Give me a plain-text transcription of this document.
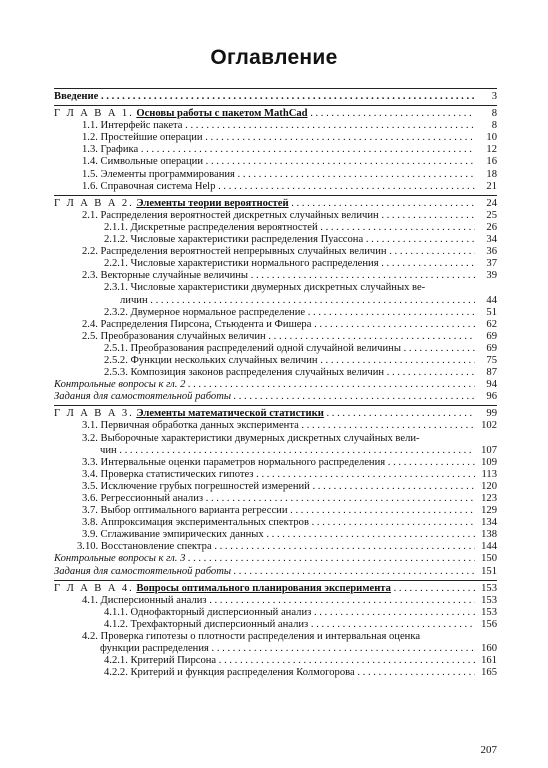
Оглавление
Введение . . .	3
Г Л А В А 1. Основы работы с пакетом MathCad . . .	8
1.1. Интерфейс пакета . . .	8
1.2. Простейшие операции . . .	10
1.3. Графика . . .	12
1.4. Символьные операции . . .	16
1.5. Элементы программирования . . .	18
1.6. Справочная система Help . . .	21
Г Л А В А 2. Элементы теории вероятностей . . .	24
2.1. Распределения вероятностей дискретных случайных величин . . .	25
2.1.1. Дискретные распределения вероятностей . . .	26
2.1.2. Числовые характеристики распределения Пуассона . . .	34
2.2. Распределения вероятностей непрерывных случайных величин . . .	36
2.2.1. Числовые характеристики нормального распределения . . .	37
2.3. Векторные случайные величины . . .	39
2.3.1. Числовые характеристики двумерных дискретных случайных ве-
личин . . .	44
2.3.2. Двумерное нормальное распределение . . .	51
2.4. Распределения Пирсона, Стьюдента и Фишера . . .	62
2.5. Преобразования случайных величин . . .	69
2.5.1. Преобразования распределений одной случайной величины . . .	69
2.5.2. Функции нескольких случайных величин . . .	75
2.5.3. Композиция законов распределения случайных величин . . .	87
Контрольные вопросы к гл. 2 . . .	94
Задания для самостоятельной работы . . .	96
Г Л А В А 3. Элементы математической статистики . . .	99
3.1. Первичная обработка данных эксперимента . . .	102
3.2. Выборочные характеристики двумерных дискретных случайных вели-
чин . . .	107
3.3. Интервальные оценки параметров нормального распределения . . .	109
3.4. Проверка статистических гипотез . . .	113
3.5. Исключение грубых погрешностей измерений . . .	120
3.6. Регрессионный анализ . . .	123
3.7. Выбор оптимального варианта регрессии . . .	129
3.8. Аппроксимация экспериментальных спектров . . .	134
3.9. Сглаживание эмпирических данных . . .	138
3.10. Восстановление спектра . . .	144
Контрольные вопросы к гл. 3 . . .	150
Задания для самостоятельной работы . . .	151
Г Л А В А 4. Вопросы оптимального планирования эксперимента . . .	153
4.1. Дисперсионный анализ . . .	153
4.1.1. Однофакторный дисперсионный анализ . . .	153
4.1.2. Трехфакторный дисперсионный анализ . . .	156
4.2. Проверка гипотезы о плотности распределения и интервальная оценка
функции распределения . . .	160
4.2.1. Критерий Пирсона . . .	161
4.2.2. Критерий и функция распределения Колмогорова . . .	165
207
